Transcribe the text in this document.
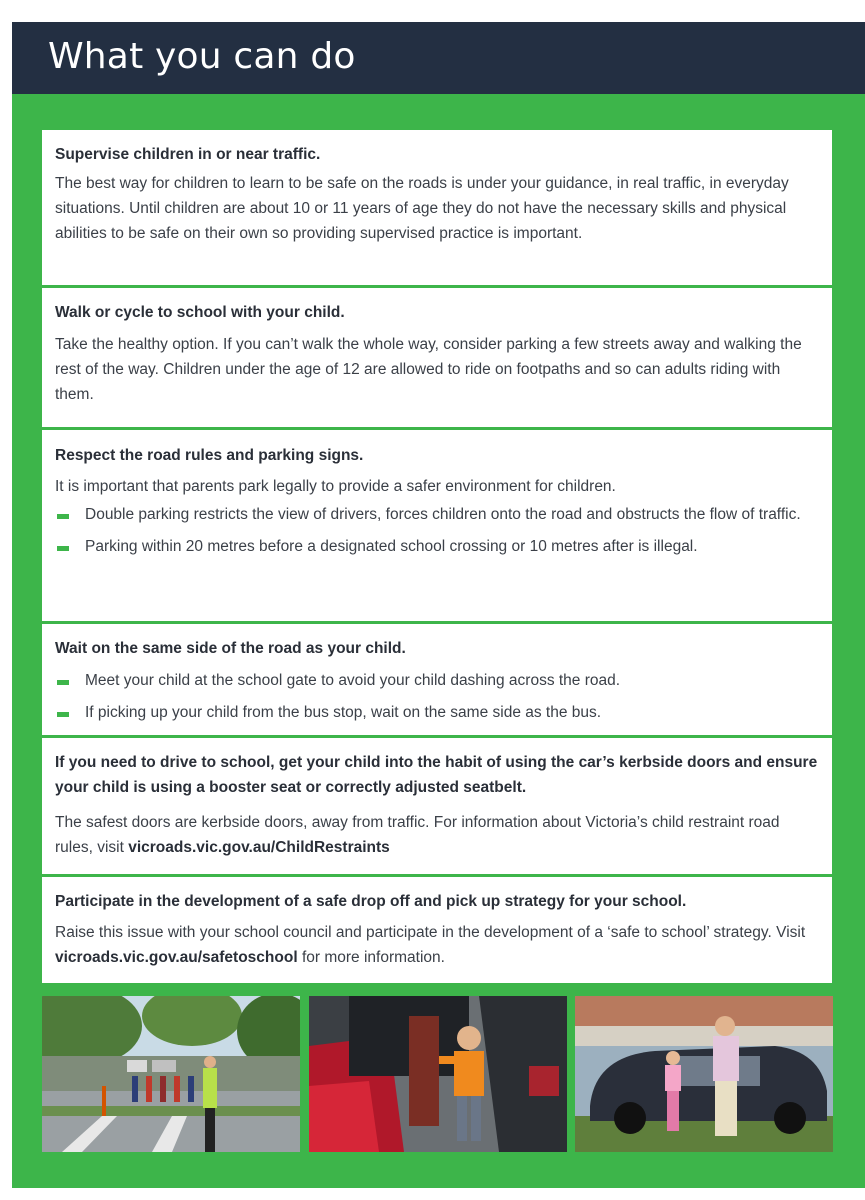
What you can do
Supervise children in or near traffic.

The best way for children to learn to be safe on the roads is under your guidance, in real traffic, in everyday situations. Until children are about 10 or 11 years of age they do not have the necessary skills and physical abilities to be safe on their own so providing supervised practice is important.

Walk or cycle to school with your child.

Take the healthy option. If you can’t walk the whole way, consider parking a few streets away and walking the rest of the way. Children under the age of 12 are allowed to ride on footpaths and so can adults riding with them.

Respect the road rules and parking signs.

It is important that parents park legally to provide a safer environment for children.

Double parking restricts the view of drivers, forces children onto the road and obstructs the flow of traffic.
Parking within 20 metres before a designated school crossing or 10 metres after is illegal.
Wait on the same side of the road as your child.
Meet your child at the school gate to avoid your child dashing across the road.
If picking up your child from the bus stop, wait on the same side as the bus.
If you need to drive to school, get your child into the habit of using the car’s kerbside doors and ensure your child is using a booster seat or correctly adjusted seatbelt.

The safest doors are kerbside doors, away from traffic. For information about Victoria’s child restraint road rules, visit vicroads.vic.gov.au/ChildRestraints

Participate in the development of a safe drop off and pick up strategy for your school.

Raise this issue with your school council and participate in the development of a ‘safe to school’ strategy. Visit vicroads.vic.gov.au/safetoschool for more information.
